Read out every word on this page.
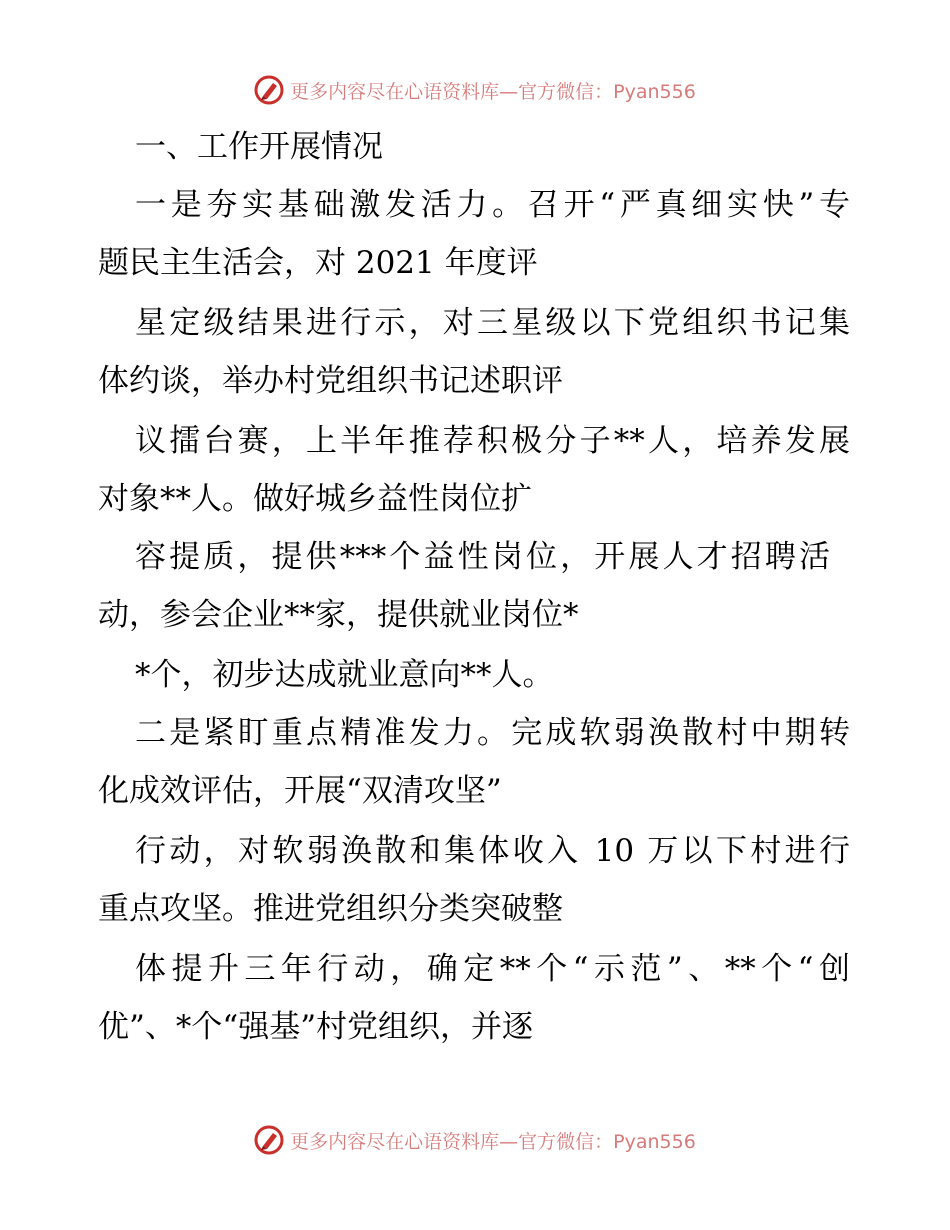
更多内容尽在心语资料库—官方微信：Pyan556
一、工作开展情况
一是夯实基础激发活力。召开“严真细实快”专
题民主生活会，对 2021 年度评
星定级结果进行示，对三星级以下党组织书记集
体约谈，举办村党组织书记述职评
议擂台赛，上半年推荐积极分子**人，培养发展
对象**人。做好城乡益性岗位扩
容提质，提供***个益性岗位，开展人才招聘活
动，参会企业**家，提供就业岗位*
*个，初步达成就业意向**人。
二是紧盯重点精准发力。完成软弱涣散村中期转
化成效评估，开展“双清攻坚”
行动，对软弱涣散和集体收入 10 万以下村进行
重点攻坚。推进党组织分类突破整
体提升三年行动，确定**个“示范”、**个“创
优”、*个“强基”村党组织，并逐
更多内容尽在心语资料库—官方微信：Pyan556
